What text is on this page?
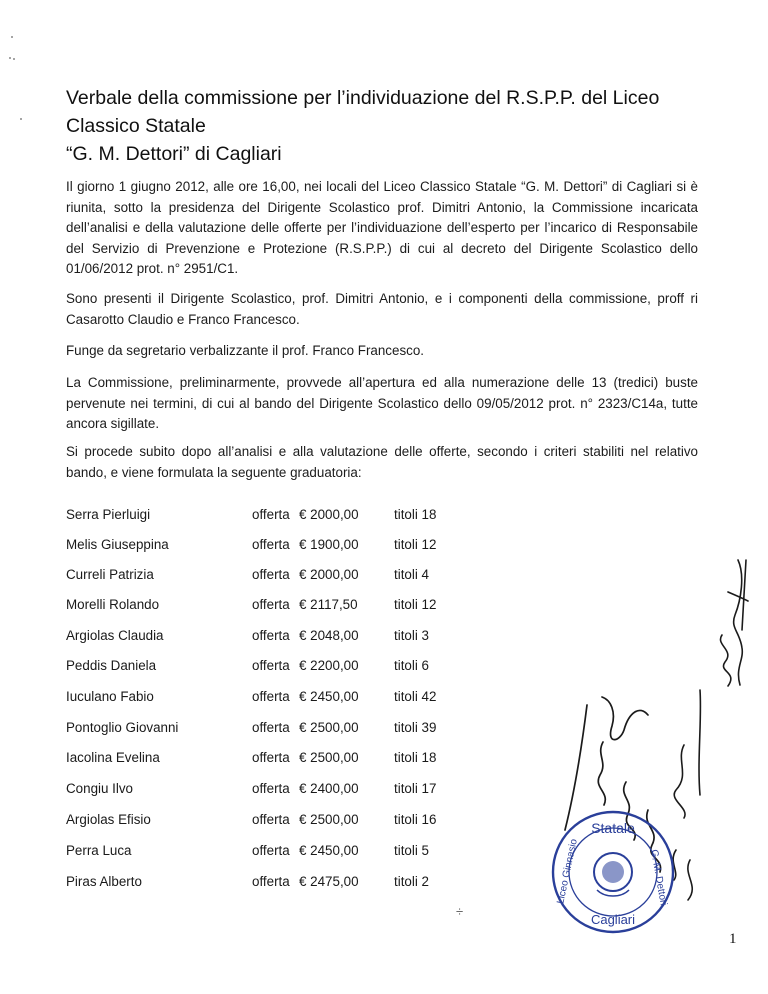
Verbale della commissione per l’individuazione del R.S.P.P. del Liceo Classico Statale
“G. M. Dettori” di Cagliari
Il giorno 1 giugno 2012, alle ore 16,00, nei locali del Liceo Classico Statale “G. M. Dettori” di Cagliari si è riunita, sotto la presidenza del Dirigente Scolastico prof. Dimitri Antonio, la Commissione incaricata dell’analisi e della valutazione delle offerte per l’individuazione dell’esperto per l’incarico di Responsabile del Servizio di Prevenzione e Protezione (R.S.P.P.) di cui al decreto del Dirigente Scolastico dello 01/06/2012 prot. n° 2951/C1.
Sono presenti il Dirigente Scolastico, prof. Dimitri Antonio, e i componenti della commissione, proff ri Casarotto Claudio e Franco Francesco.
Funge da segretario verbalizzante il prof. Franco Francesco.
La Commissione, preliminarmente, provvede all’apertura ed alla numerazione delle 13 (tredici) buste pervenute nei termini, di cui al bando del Dirigente Scolastico dello 09/05/2012 prot. n° 2323/C14a, tutte ancora sigillate.
Si procede subito dopo all’analisi e alla valutazione delle offerte, secondo i criteri stabiliti nel relativo bando, e viene formulata la seguente graduatoria:
Serra Pierluigi	offerta € 2000,00	titoli 18
Melis Giuseppina	offerta € 1900,00	titoli 12
Curreli Patrizia	offerta € 2000,00	titoli 4
Morelli Rolando	offerta € 2117,50	titoli 12
Argiolas Claudia	offerta € 2048,00	titoli 3
Peddis Daniela	offerta € 2200,00	titoli 6
Iuculano Fabio	offerta € 2450,00	titoli 42
Pontoglio Giovanni	offerta € 2500,00	titoli 39
Iacolina Evelina	offerta € 2500,00	titoli 18
Congiu Ilvo	offerta € 2400,00	titoli 17
Argiolas Efisio	offerta € 2500,00	titoli 16
Perra Luca	offerta € 2450,00	titoli 5
Piras Alberto	offerta € 2475,00	titoli 2
÷
1
Statale
G. M. Dettori
Cagliari
Liceo Ginnasio
